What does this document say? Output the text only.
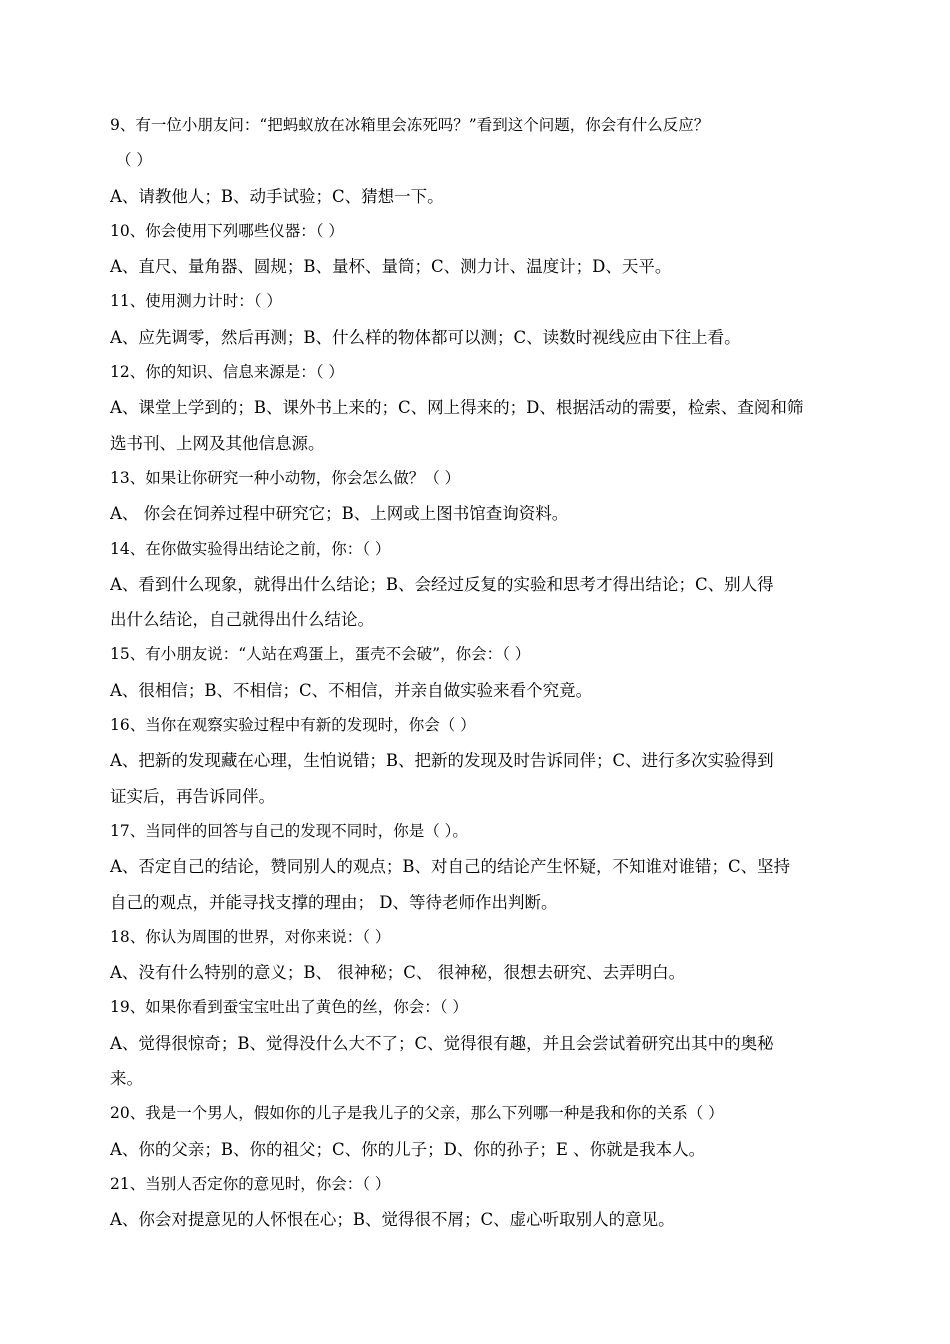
9、有一位小朋友问：“把蚂蚁放在冰箱里会冻死吗？”看到这个问题，你会有什么反应？
（ ）
A、请教他人；B、动手试验；C、猜想一下。
10、你会使用下列哪些仪器：（ ）
A、直尺、量角器、圆规；B、量杯、量筒；C、测力计、温度计；D、天平。
11、使用测力计时：（ ）
A、应先调零，然后再测；B、什么样的物体都可以测；C、读数时视线应由下往上看。
12、你的知识、信息来源是：（ ）
A、课堂上学到的；B、课外书上来的；C、网上得来的；D、根据活动的需要，检索、查阅和筛
选书刊、上网及其他信息源。
13、如果让你研究一种小动物，你会怎么做？（ ）
A、 你会在饲养过程中研究它；B、上网或上图书馆查询资料。
14、在你做实验得出结论之前，你：（ ）
A、看到什么现象，就得出什么结论；B、会经过反复的实验和思考才得出结论；C、别人得
出什么结论，自己就得出什么结论。
15、有小朋友说：“人站在鸡蛋上，蛋壳不会破”，你会：（ ）
A、很相信；B、不相信；C、不相信，并亲自做实验来看个究竟。
16、当你在观察实验过程中有新的发现时，你会（ ）
A、把新的发现藏在心理，生怕说错；B、把新的发现及时告诉同伴；C、进行多次实验得到
证实后，再告诉同伴。
17、当同伴的回答与自己的发现不同时，你是（ ）。
A、否定自己的结论，赞同别人的观点；B、对自己的结论产生怀疑，不知谁对谁错；C、坚持
自己的观点，并能寻找支撑的理由； D、等待老师作出判断。
18、你认为周围的世界，对你来说：（ ）
A、没有什么特别的意义；B、 很神秘；C、 很神秘，很想去研究、去弄明白。
19、如果你看到蚕宝宝吐出了黄色的丝，你会：（ ）
A、觉得很惊奇；B、觉得没什么大不了；C、觉得很有趣，并且会尝试着研究出其中的奥秘
来。
20、我是一个男人，假如你的儿子是我儿子的父亲，那么下列哪一种是我和你的关系（ ）
A、你的父亲；B、你的祖父；C、你的儿子；D、你的孙子；E 、你就是我本人。
21、当别人否定你的意见时，你会：（ ）
A、你会对提意见的人怀恨在心；B、觉得很不屑；C、虚心听取别人的意见。
